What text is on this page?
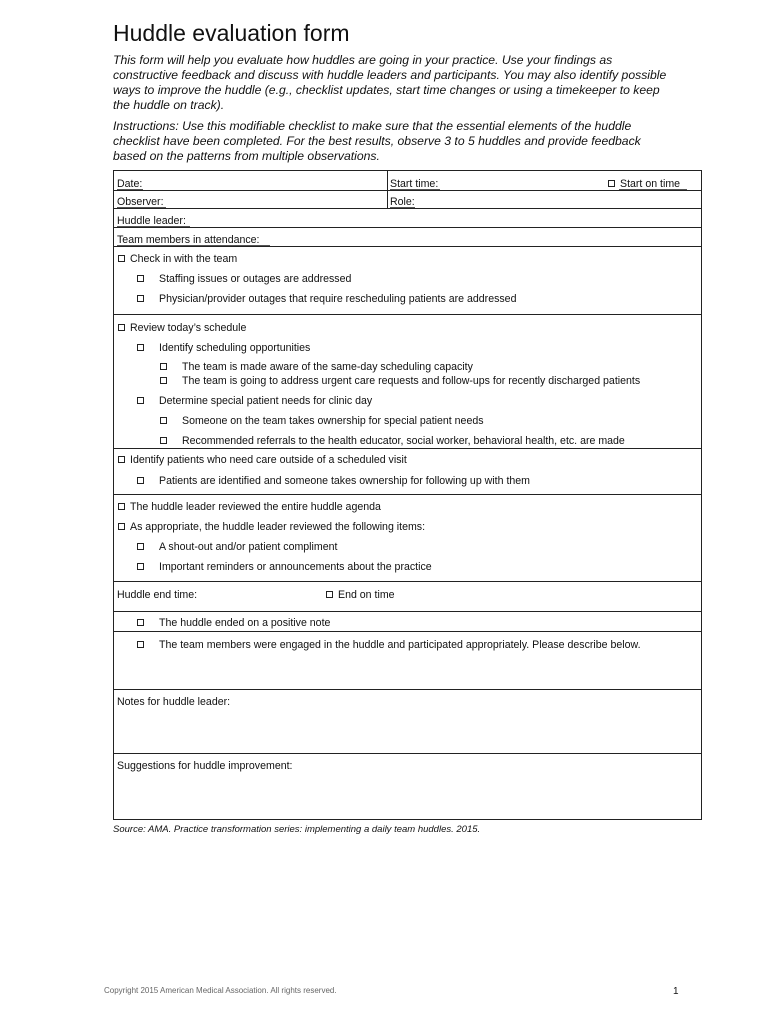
Huddle evaluation form

This form will help you evaluate how huddles are going in your practice. Use your findings as constructive feedback and discuss with huddle leaders and participants. You may also identify possible ways to improve the huddle (e.g., checklist updates, start time changes or using a timekeeper to keep the huddle on track).

Instructions: Use this modifiable checklist to make sure that the essential elements of the huddle checklist have been completed. For the best results, observe 3 to 5 huddles and provide feedback based on the patterns from multiple observations.

Date:	Start time:	Start on time
Observer:	Role:
Huddle leader:
Team members in attendance:
Check in with the team
Staffing issues or outages are addressed
Physician/provider outages that require rescheduling patients are addressed
Review today’s schedule
Identify scheduling opportunities
The team is made aware of the same-day scheduling capacity
The team is going to address urgent care requests and follow-ups for recently discharged patients
Determine special patient needs for clinic day
Someone on the team takes ownership for special patient needs
Recommended referrals to the health educator, social worker, behavioral health, etc. are made
Identify patients who need care outside of a scheduled visit
Patients are identified and someone takes ownership for following up with them
The huddle leader reviewed the entire huddle agenda
As appropriate, the huddle leader reviewed the following items:
A shout-out and/or patient compliment
Important reminders or announcements about the practice
Huddle end time:	End on time
The huddle ended on a positive note
The team members were engaged in the huddle and participated appropriately. Please describe below.
Notes for huddle leader:
Suggestions for huddle improvement:
Source: AMA. Practice transformation series: implementing a daily team huddles. 2015.
Copyright 2015 American Medical Association. All rights reserved.	1
